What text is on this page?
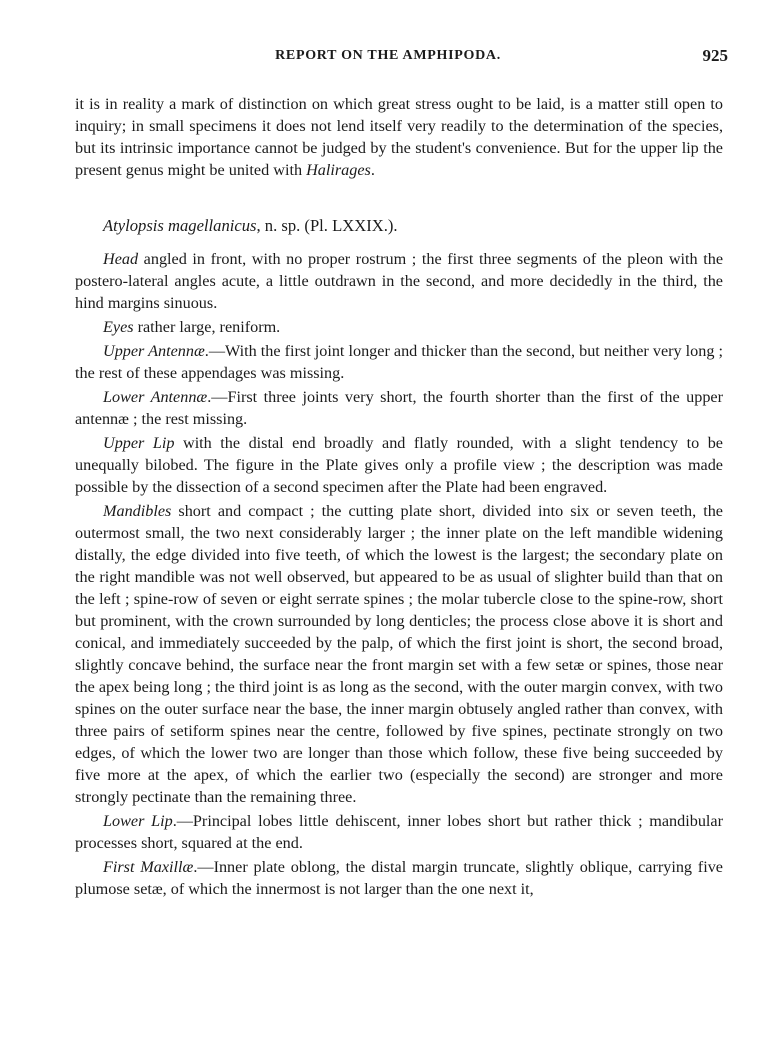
REPORT ON THE AMPHIPODA.	925

it is in reality a mark of distinction on which great stress ought to be laid, is a matter still open to inquiry; in small specimens it does not lend itself very readily to the determination of the species, but its intrinsic importance cannot be judged by the student's convenience. But for the upper lip the present genus might be united with Halirages.

Atylopsis magellanicus, n. sp. (Pl. LXXIX.).

Head angled in front, with no proper rostrum ; the first three segments of the pleon with the postero-lateral angles acute, a little outdrawn in the second, and more decidedly in the third, the hind margins sinuous.

Eyes rather large, reniform.

Upper Antennæ.—With the first joint longer and thicker than the second, but neither very long ; the rest of these appendages was missing.

Lower Antennæ.—First three joints very short, the fourth shorter than the first of the upper antennæ ; the rest missing.

Upper Lip with the distal end broadly and flatly rounded, with a slight tendency to be unequally bilobed. The figure in the Plate gives only a profile view ; the description was made possible by the dissection of a second specimen after the Plate had been engraved.

Mandibles short and compact ; the cutting plate short, divided into six or seven teeth, the outermost small, the two next considerably larger ; the inner plate on the left mandible widening distally, the edge divided into five teeth, of which the lowest is the largest; the secondary plate on the right mandible was not well observed, but appeared to be as usual of slighter build than that on the left ; spine-row of seven or eight serrate spines ; the molar tubercle close to the spine-row, short but prominent, with the crown surrounded by long denticles; the process close above it is short and conical, and immediately succeeded by the palp, of which the first joint is short, the second broad, slightly concave behind, the surface near the front margin set with a few setæ or spines, those near the apex being long ; the third joint is as long as the second, with the outer margin convex, with two spines on the outer surface near the base, the inner margin obtusely angled rather than convex, with three pairs of setiform spines near the centre, followed by five spines, pectinate strongly on two edges, of which the lower two are longer than those which follow, these five being succeeded by five more at the apex, of which the earlier two (especially the second) are stronger and more strongly pectinate than the remaining three.

Lower Lip.—Principal lobes little dehiscent, inner lobes short but rather thick ; mandibular processes short, squared at the end.

First Maxillæ.—Inner plate oblong, the distal margin truncate, slightly oblique, carrying five plumose setæ, of which the innermost is not larger than the one next it,
